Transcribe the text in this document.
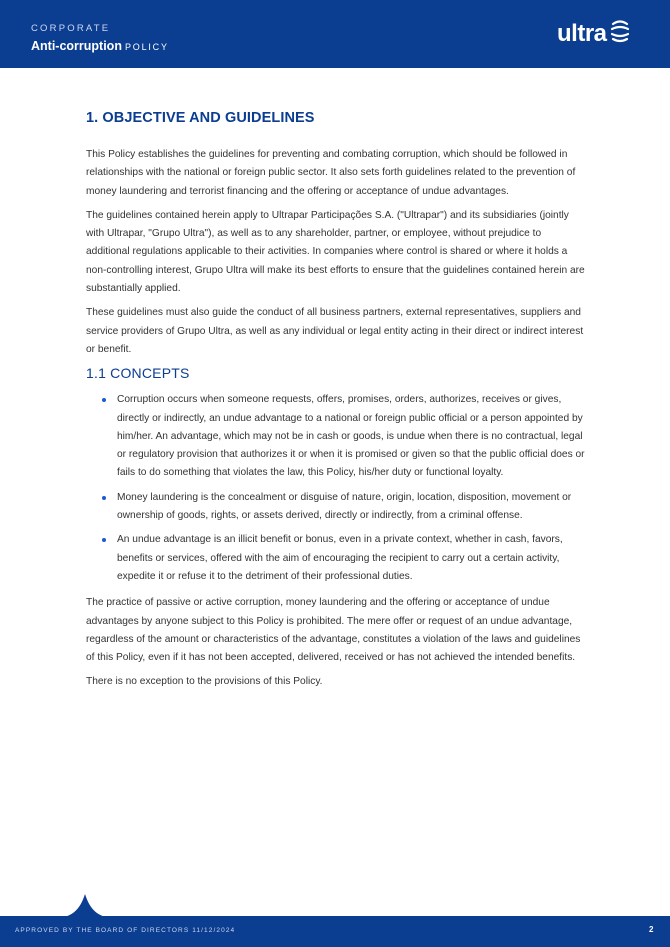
CORPORATE
Anti-corruption POLICY	ultra
1. OBJECTIVE AND GUIDELINES

This Policy establishes the guidelines for preventing and combating corruption, which should be followed in relationships with the national or foreign public sector. It also sets forth guidelines related to the prevention of money laundering and terrorist financing and the offering or acceptance of undue advantages.

The guidelines contained herein apply to Ultrapar Participações S.A. ("Ultrapar") and its subsidiaries (jointly with Ultrapar, "Grupo Ultra"), as well as to any shareholder, partner, or employee, without prejudice to additional regulations applicable to their activities. In companies where control is shared or where it holds a non-controlling interest, Grupo Ultra will make its best efforts to ensure that the guidelines contained herein are substantially applied.

These guidelines must also guide the conduct of all business partners, external representatives, suppliers and service providers of Grupo Ultra, as well as any individual or legal entity acting in their direct or indirect interest or benefit.

1.1 CONCEPTS
Corruption occurs when someone requests, offers, promises, orders, authorizes, receives or gives, directly or indirectly, an undue advantage to a national or foreign public official or a person appointed by him/her. An advantage, which may not be in cash or goods, is undue when there is no contractual, legal or regulatory provision that authorizes it or when it is promised or given so that the public official does or fails to do something that violates the law, this Policy, his/her duty or functional loyalty.
Money laundering is the concealment or disguise of nature, origin, location, disposition, movement or ownership of goods, rights, or assets derived, directly or indirectly, from a criminal offense.
An undue advantage is an illicit benefit or bonus, even in a private context, whether in cash, favors, benefits or services, offered with the aim of encouraging the recipient to carry out a certain activity, expedite it or refuse it to the detriment of their professional duties.

The practice of passive or active corruption, money laundering and the offering or acceptance of undue advantages by anyone subject to this Policy is prohibited. The mere offer or request of an undue advantage, regardless of the amount or characteristics of the advantage, constitutes a violation of the laws and guidelines of this Policy, even if it has not been accepted, delivered, received or has not achieved the intended benefits.

There is no exception to the provisions of this Policy.

APPROVED BY THE BOARD OF DIRECTORS 11/12/2024	2
